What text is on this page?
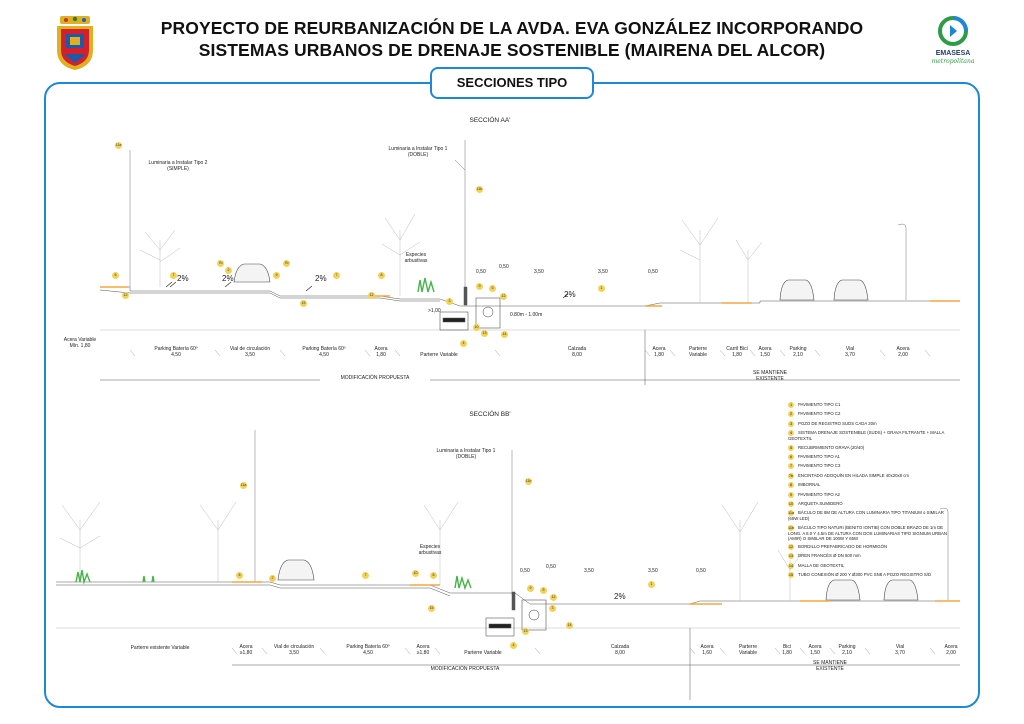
PROYECTO DE REURBANIZACIÓN DE LA AVDA. EVA GONZÁLEZ INCORPORANDO
SISTEMAS URBANOS DE DRENAJE SOSTENIBLE (MAIRENA DEL ALCOR)	EMASESA
metropolitana
SECCIONES TIPO
SECCIÓN AA'
Luminaria a Instalar Tipo 2 (SIMPLE)
Luminaria a Instalar Tipo 1 (DOBLE)
Especies arbustivas
2%	2%	2%
2%
>1,00
0.80m - 1.00m
0,50
0,50
3,50	3,50	0,50
Acera Variable Mín. 1,80	Parking Batería 60º
4,50
Vial de circulación
3,50
Parking Batería 60º
4,50
Acera
1,80	Parterre Variable
Calzada
8,00
Acera
1,80
Parterre Variable
Carril Bici
1,80
Acera
1,50
Parking
2,10
Vial
3,70
Acera
2,00
MODIFICACIÓN PROPUESTA
SE MANTIENE EXISTENTE
SECCIÓN BB'
Luminaria a Instalar Tipo 1 (DOBLE)
Especies arbustivas
2%
0,50
0,50
3,50	3,50	0,50
Parterre existente Variable	Acera
≥1,80
Vial de circulación
3,50
Parking Batería 60º
4,50
Acera
≥1,80	Parterre Variable
Calzada
8,00
Acera
1,60
Parterre Variable
Bici
1,80
Acera
1,50
Parking
2,10
Vial
3,70
Acera
2,00
MODIFICACIÓN PROPUESTA
SE MANTIENE EXISTENTE
11a
11b
6	7
7b
2
12
9
7b
7	8
12
15	3
9	5
12
1
4
10
13	14
11a
11b
6
2
7	10	8
15
9	5
12
1
3
14
13
4
1 PAVIMENTO TIPO C1
2 PAVIMENTO TIPO C2
3 POZO DE REGISTRO SUDS CADA 20m
4 SISTEMA DRENAJE SOSTENIBLE (SUDS) + GRAVA FILTRANTE + MALLA GEOTEXTIL
5 RECUBRIMIENTO GRAVA (20/40)
6 PAVIMENTO TIPO A1
7 PAVIMENTO TIPO C3
7b ENCINTADO ADOQUÍN EN HILADA SIMPLE 40x20x8 cm
8 IMBORNAL
9 PAVIMENTO TIPO A2
10 ARQUETA SUMIDERO
11a BÁCULO DE 8M DE ALTURA CON LUMINARIA TIPO TITANIUM o SIMILAR (65W LED)
11b BÁCULO TIPO NATURI (BENITO IONTIB) CON DOBLE BRAZO DE 1m DE LONG. A 8.0 Y 4.5m DE ALTURA CON DOS LUMINARIAS TIPO SIGNIUM URBAN (AMIR) O SIMILAR DE 100W Y 65W
12 BORDILLO PREFABRICADO DE HORMIGÓN
13 DREN FRANCÉS Ø DN 500 mm
14 MALLA DE GEOTEXTIL
15 TUBO CONEXIÓN Ø 200 Y Ø300 PVC SN8 A POZO REGISTRO S/D
